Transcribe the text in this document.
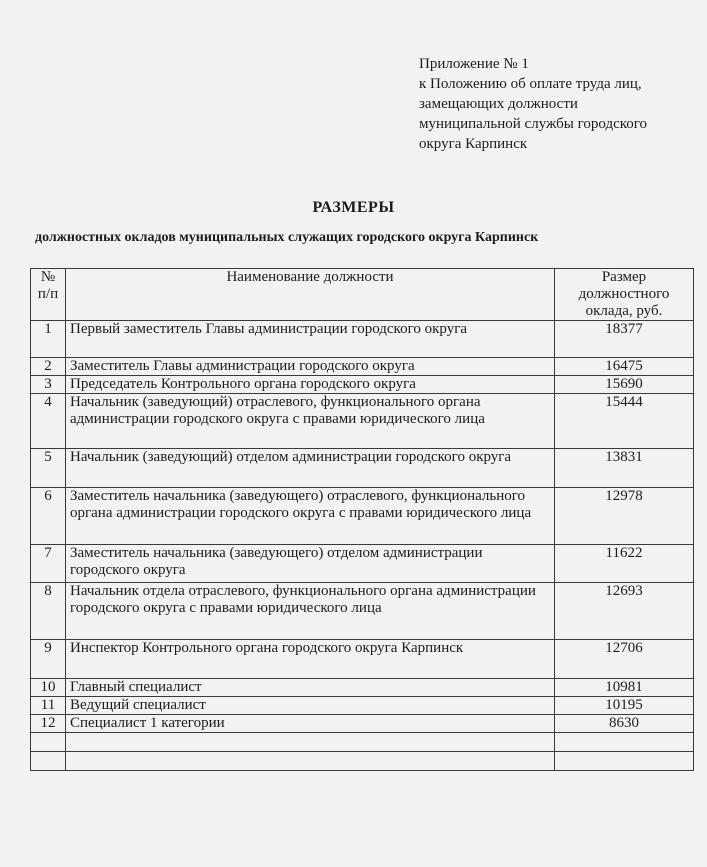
Приложение № 1
к Положению об оплате труда лиц,
замещающих должности
муниципальной службы городского
округа Карпинск
РАЗМЕРЫ
должностных окладов муниципальных служащих городского округа Карпинск
№ п/п	Наименование должности	Размер должностного оклада, руб.
1	Первый заместитель Главы администрации городского округа	18377
2	Заместитель Главы администрации городского округа	16475
3	Председатель Контрольного органа городского округа	15690
4	Начальник (заведующий) отраслевого, функционального органа администрации городского округа с правами юридического лица	15444
5	Начальник (заведующий) отделом администрации городского округа	13831
6	Заместитель начальника (заведующего) отраслевого, функционального органа администрации городского округа с правами юридического лица	12978
7	Заместитель начальника (заведующего) отделом администрации городского округа	11622
8	Начальник отдела отраслевого, функционального органа администрации городского округа с правами юридического лица	12693
9	Инспектор Контрольного органа городского округа Карпинск	12706
10	Главный специалист	10981
11	Ведущий специалист	10195
12	Специалист 1 категории	8630
